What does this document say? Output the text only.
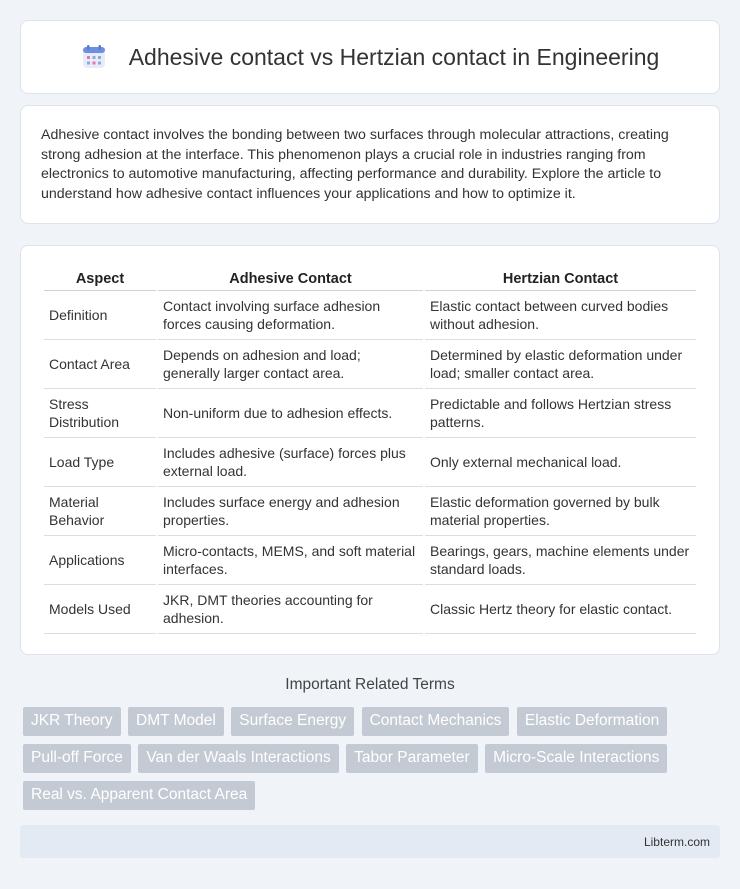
Adhesive contact vs Hertzian contact in Engineering

Adhesive contact involves the bonding between two surfaces through molecular attractions, creating strong adhesion at the interface. This phenomenon plays a crucial role in industries ranging from electronics to automotive manufacturing, affecting performance and durability. Explore the article to understand how adhesive contact influences your applications and how to optimize it.

Aspect	Adhesive Contact	Hertzian Contact
Definition	Contact involving surface adhesion forces causing deformation.	Elastic contact between curved bodies without adhesion.
Contact Area	Depends on adhesion and load; generally larger contact area.	Determined by elastic deformation under load; smaller contact area.
Stress Distribution	Non-uniform due to adhesion effects.	Predictable and follows Hertzian stress patterns.
Load Type	Includes adhesive (surface) forces plus external load.	Only external mechanical load.
Material Behavior	Includes surface energy and adhesion properties.	Elastic deformation governed by bulk material properties.
Applications	Micro-contacts, MEMS, and soft material interfaces.	Bearings, gears, machine elements under standard loads.
Models Used	JKR, DMT theories accounting for adhesion.	Classic Hertz theory for elastic contact.
Important Related Terms
JKR Theory DMT Model Surface Energy Contact Mechanics Elastic Deformation Pull-off Force Van der Waals Interactions Tabor Parameter Micro-Scale Interactions Real vs. Apparent Contact Area
Libterm.com
